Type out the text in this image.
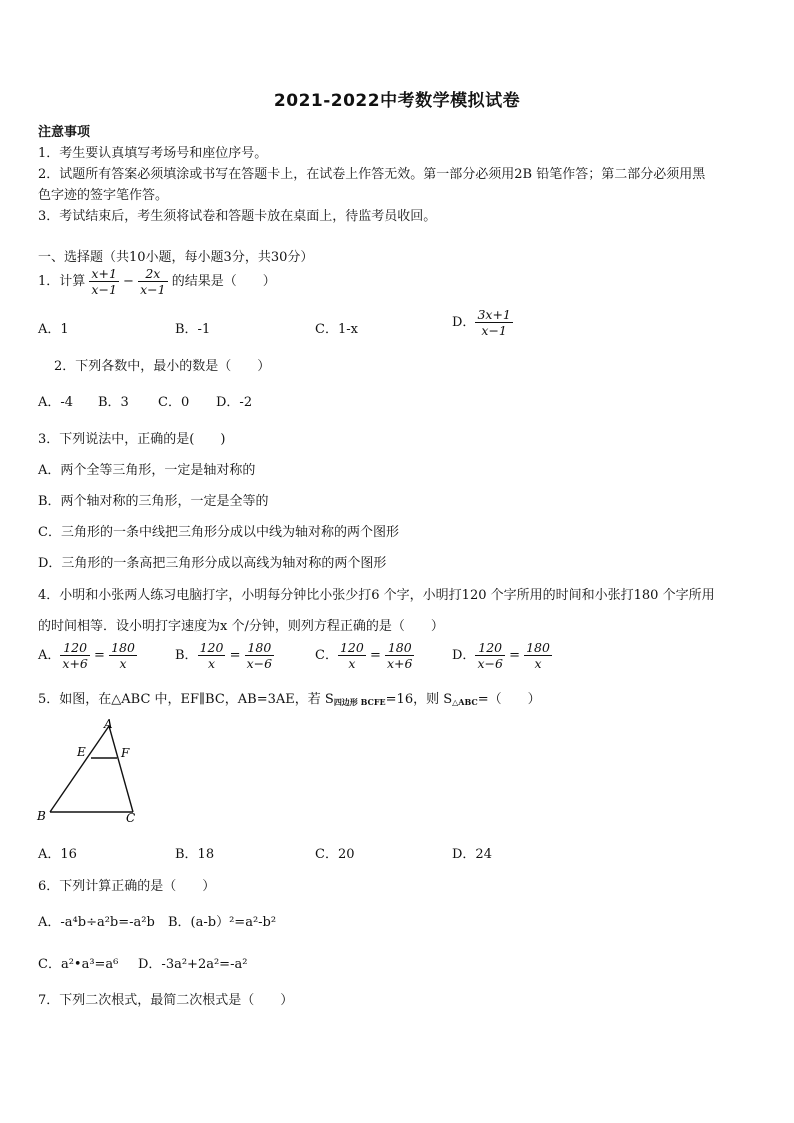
2021-2022中考数学模拟试卷
注意事项
1．考生要认真填写考场号和座位序号。
2．试题所有答案必须填涂或书写在答题卡上，在试卷上作答无效。第一部分必须用2B 铅笔作答；第二部分必须用黑
色字迹的签字笔作答。
3．考试结束后，考生须将试卷和答题卡放在桌面上，待监考员收回。
一、选择题（共10小题，每小题3分，共30分）
1．计算 $\frac{x+1}{x-1} - \frac{2x}{x-1}$ 的结果是（　　）
A．1	B．-1	C．1-x	D． $\frac{3x+1}{x-1}$
2．下列各数中，最小的数是（　　）
A．-4 B．3 C．0 D．-2
3．下列说法中，正确的是(　　)
A．两个全等三角形，一定是轴对称的
B．两个轴对称的三角形，一定是全等的
C．三角形的一条中线把三角形分成以中线为轴对称的两个图形
D．三角形的一条高把三角形分成以高线为轴对称的两个图形
4．小明和小张两人练习电脑打字，小明每分钟比小张少打6 个字，小明打120 个字所用的时间和小张打180 个字所用
的时间相等．设小明打字速度为x 个/分钟，则列方程正确的是（　　）
A． $\frac{120}{x+6} = \frac{180}{x}$	B． $\frac{120}{x} = \frac{180}{x-6}$	C． $\frac{120}{x} = \frac{180}{x+6}$	D． $\frac{120}{x-6} = \frac{180}{x}$
5．如图，在△ABC 中，EF∥BC，AB=3AE，若 $S_{四边形 BCFE}=16$，则 $S_{\triangle ABC}=$（　　）
A
E	F
B	C
A．16	B．18	C．20	D．24
6．下列计算正确的是（　　）
A．-a⁴b÷a²b=-a²b B．(a-b）²=a²-b²
C．a²•a³=a⁶ D．-3a²+2a²=-a²
7．下列二次根式，最简二次根式是（　　）
